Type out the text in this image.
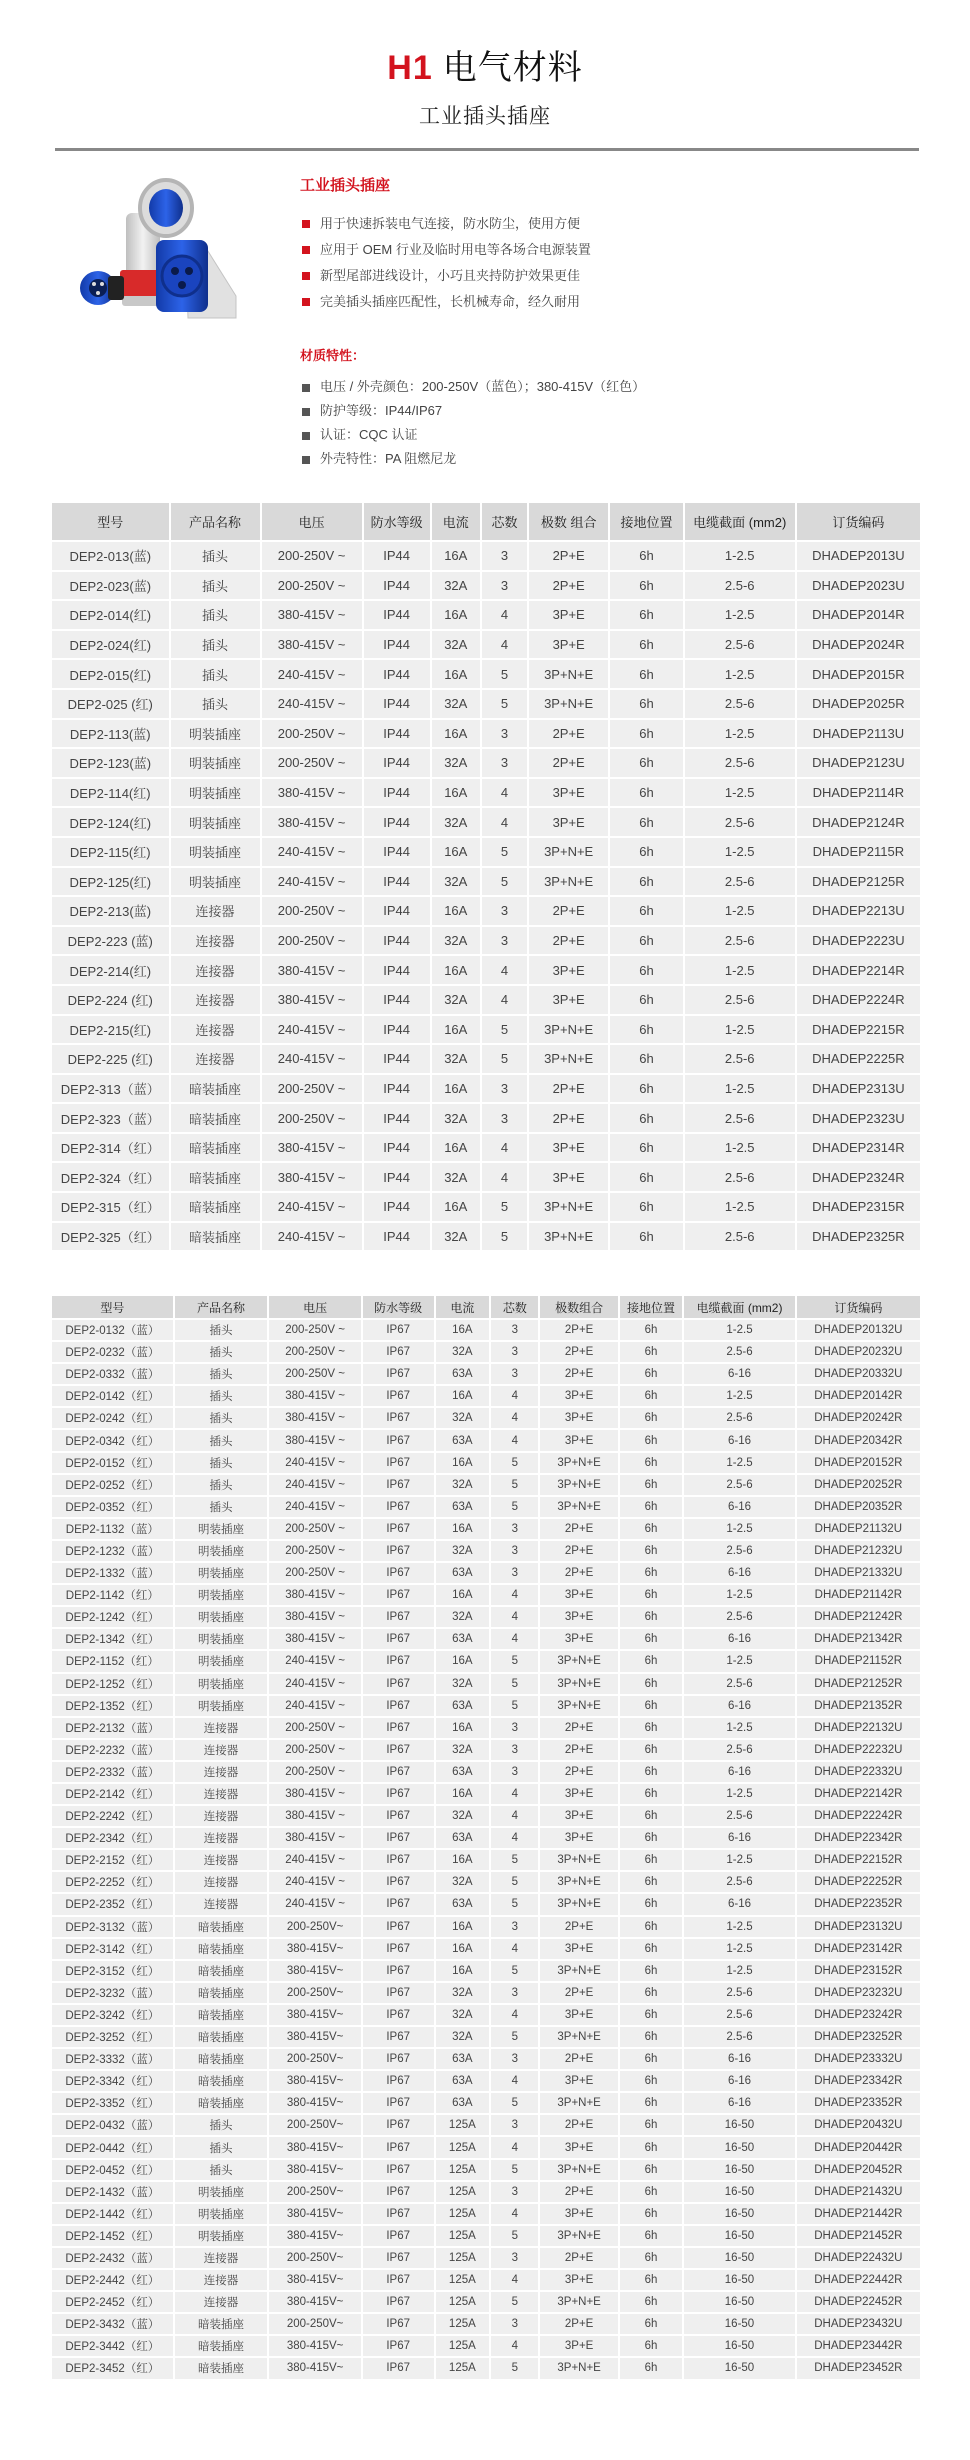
H1 电气材料
工业插头插座
工业插头插座
用于快速拆装电气连接，防水防尘，使用方便
应用于 OEM 行业及临时用电等各场合电源装置
新型尾部进线设计，小巧且夹持防护效果更佳
完美插头插座匹配性，长机械寿命，经久耐用
材质特性：
电压 / 外壳颜色：200-250V（蓝色）；380-415V（红色）
防护等级：IP44/IP67
认证：CQC 认证
外壳特性：PA 阻燃尼龙
型号	产品名称	电压	防水等级	电流	芯数	极数 组合	接地位置	电缆截面 (mm2)	订货编码
DEP2-013(蓝)	插头	200-250V ~	IP44	16A	3	2P+E	6h	1-2.5	DHADEP2013U
DEP2-023(蓝)	插头	200-250V ~	IP44	32A	3	2P+E	6h	2.5-6	DHADEP2023U
DEP2-014(红)	插头	380-415V ~	IP44	16A	4	3P+E	6h	1-2.5	DHADEP2014R
DEP2-024(红)	插头	380-415V ~	IP44	32A	4	3P+E	6h	2.5-6	DHADEP2024R
DEP2-015(红)	插头	240-415V ~	IP44	16A	5	3P+N+E	6h	1-2.5	DHADEP2015R
DEP2-025 (红)	插头	240-415V ~	IP44	32A	5	3P+N+E	6h	2.5-6	DHADEP2025R
DEP2-113(蓝)	明装插座	200-250V ~	IP44	16A	3	2P+E	6h	1-2.5	DHADEP2113U
DEP2-123(蓝)	明装插座	200-250V ~	IP44	32A	3	2P+E	6h	2.5-6	DHADEP2123U
DEP2-114(红)	明装插座	380-415V ~	IP44	16A	4	3P+E	6h	1-2.5	DHADEP2114R
DEP2-124(红)	明装插座	380-415V ~	IP44	32A	4	3P+E	6h	2.5-6	DHADEP2124R
DEP2-115(红)	明装插座	240-415V ~	IP44	16A	5	3P+N+E	6h	1-2.5	DHADEP2115R
DEP2-125(红)	明装插座	240-415V ~	IP44	32A	5	3P+N+E	6h	2.5-6	DHADEP2125R
DEP2-213(蓝)	连接器	200-250V ~	IP44	16A	3	2P+E	6h	1-2.5	DHADEP2213U
DEP2-223 (蓝)	连接器	200-250V ~	IP44	32A	3	2P+E	6h	2.5-6	DHADEP2223U
DEP2-214(红)	连接器	380-415V ~	IP44	16A	4	3P+E	6h	1-2.5	DHADEP2214R
DEP2-224 (红)	连接器	380-415V ~	IP44	32A	4	3P+E	6h	2.5-6	DHADEP2224R
DEP2-215(红)	连接器	240-415V ~	IP44	16A	5	3P+N+E	6h	1-2.5	DHADEP2215R
DEP2-225 (红)	连接器	240-415V ~	IP44	32A	5	3P+N+E	6h	2.5-6	DHADEP2225R
DEP2-313（蓝）	暗装插座	200-250V ~	IP44	16A	3	2P+E	6h	1-2.5	DHADEP2313U
DEP2-323（蓝）	暗装插座	200-250V ~	IP44	32A	3	2P+E	6h	2.5-6	DHADEP2323U
DEP2-314（红）	暗装插座	380-415V ~	IP44	16A	4	3P+E	6h	1-2.5	DHADEP2314R
DEP2-324（红）	暗装插座	380-415V ~	IP44	32A	4	3P+E	6h	2.5-6	DHADEP2324R
DEP2-315（红）	暗装插座	240-415V ~	IP44	16A	5	3P+N+E	6h	1-2.5	DHADEP2315R
DEP2-325（红）	暗装插座	240-415V ~	IP44	32A	5	3P+N+E	6h	2.5-6	DHADEP2325R
型号	产品名称	电压	防水等级	电流	芯数	极数组合	接地位置	电缆截面 (mm2)	订货编码
DEP2-0132（蓝）	插头	200-250V ~	IP67	16A	3	2P+E	6h	1-2.5	DHADEP20132U
DEP2-0232（蓝）	插头	200-250V ~	IP67	32A	3	2P+E	6h	2.5-6	DHADEP20232U
DEP2-0332（蓝）	插头	200-250V ~	IP67	63A	3	2P+E	6h	6-16	DHADEP20332U
DEP2-0142（红）	插头	380-415V ~	IP67	16A	4	3P+E	6h	1-2.5	DHADEP20142R
DEP2-0242（红）	插头	380-415V ~	IP67	32A	4	3P+E	6h	2.5-6	DHADEP20242R
DEP2-0342（红）	插头	380-415V ~	IP67	63A	4	3P+E	6h	6-16	DHADEP20342R
DEP2-0152（红）	插头	240-415V ~	IP67	16A	5	3P+N+E	6h	1-2.5	DHADEP20152R
DEP2-0252（红）	插头	240-415V ~	IP67	32A	5	3P+N+E	6h	2.5-6	DHADEP20252R
DEP2-0352（红）	插头	240-415V ~	IP67	63A	5	3P+N+E	6h	6-16	DHADEP20352R
DEP2-1132（蓝）	明装插座	200-250V ~	IP67	16A	3	2P+E	6h	1-2.5	DHADEP21132U
DEP2-1232（蓝）	明装插座	200-250V ~	IP67	32A	3	2P+E	6h	2.5-6	DHADEP21232U
DEP2-1332（蓝）	明装插座	200-250V ~	IP67	63A	3	2P+E	6h	6-16	DHADEP21332U
DEP2-1142（红）	明装插座	380-415V ~	IP67	16A	4	3P+E	6h	1-2.5	DHADEP21142R
DEP2-1242（红）	明装插座	380-415V ~	IP67	32A	4	3P+E	6h	2.5-6	DHADEP21242R
DEP2-1342（红）	明装插座	380-415V ~	IP67	63A	4	3P+E	6h	6-16	DHADEP21342R
DEP2-1152（红）	明装插座	240-415V ~	IP67	16A	5	3P+N+E	6h	1-2.5	DHADEP21152R
DEP2-1252（红）	明装插座	240-415V ~	IP67	32A	5	3P+N+E	6h	2.5-6	DHADEP21252R
DEP2-1352（红）	明装插座	240-415V ~	IP67	63A	5	3P+N+E	6h	6-16	DHADEP21352R
DEP2-2132（蓝）	连接器	200-250V ~	IP67	16A	3	2P+E	6h	1-2.5	DHADEP22132U
DEP2-2232（蓝）	连接器	200-250V ~	IP67	32A	3	2P+E	6h	2.5-6	DHADEP22232U
DEP2-2332（蓝）	连接器	200-250V ~	IP67	63A	3	2P+E	6h	6-16	DHADEP22332U
DEP2-2142（红）	连接器	380-415V ~	IP67	16A	4	3P+E	6h	1-2.5	DHADEP22142R
DEP2-2242（红）	连接器	380-415V ~	IP67	32A	4	3P+E	6h	2.5-6	DHADEP22242R
DEP2-2342（红）	连接器	380-415V ~	IP67	63A	4	3P+E	6h	6-16	DHADEP22342R
DEP2-2152（红）	连接器	240-415V ~	IP67	16A	5	3P+N+E	6h	1-2.5	DHADEP22152R
DEP2-2252（红）	连接器	240-415V ~	IP67	32A	5	3P+N+E	6h	2.5-6	DHADEP22252R
DEP2-2352（红）	连接器	240-415V ~	IP67	63A	5	3P+N+E	6h	6-16	DHADEP22352R
DEP2-3132（蓝）	暗装插座	200-250V~	IP67	16A	3	2P+E	6h	1-2.5	DHADEP23132U
DEP2-3142（红）	暗装插座	380-415V~	IP67	16A	4	3P+E	6h	1-2.5	DHADEP23142R
DEP2-3152（红）	暗装插座	380-415V~	IP67	16A	5	3P+N+E	6h	1-2.5	DHADEP23152R
DEP2-3232（蓝）	暗装插座	200-250V~	IP67	32A	3	2P+E	6h	2.5-6	DHADEP23232U
DEP2-3242（红）	暗装插座	380-415V~	IP67	32A	4	3P+E	6h	2.5-6	DHADEP23242R
DEP2-3252（红）	暗装插座	380-415V~	IP67	32A	5	3P+N+E	6h	2.5-6	DHADEP23252R
DEP2-3332（蓝）	暗装插座	200-250V~	IP67	63A	3	2P+E	6h	6-16	DHADEP23332U
DEP2-3342（红）	暗装插座	380-415V~	IP67	63A	4	3P+E	6h	6-16	DHADEP23342R
DEP2-3352（红）	暗装插座	380-415V~	IP67	63A	5	3P+N+E	6h	6-16	DHADEP23352R
DEP2-0432（蓝）	插头	200-250V~	IP67	125A	3	2P+E	6h	16-50	DHADEP20432U
DEP2-0442（红）	插头	380-415V~	IP67	125A	4	3P+E	6h	16-50	DHADEP20442R
DEP2-0452（红）	插头	380-415V~	IP67	125A	5	3P+N+E	6h	16-50	DHADEP20452R
DEP2-1432（蓝）	明装插座	200-250V~	IP67	125A	3	2P+E	6h	16-50	DHADEP21432U
DEP2-1442（红）	明装插座	380-415V~	IP67	125A	4	3P+E	6h	16-50	DHADEP21442R
DEP2-1452（红）	明装插座	380-415V~	IP67	125A	5	3P+N+E	6h	16-50	DHADEP21452R
DEP2-2432（蓝）	连接器	200-250V~	IP67	125A	3	2P+E	6h	16-50	DHADEP22432U
DEP2-2442（红）	连接器	380-415V~	IP67	125A	4	3P+E	6h	16-50	DHADEP22442R
DEP2-2452（红）	连接器	380-415V~	IP67	125A	5	3P+N+E	6h	16-50	DHADEP22452R
DEP2-3432（蓝）	暗装插座	200-250V~	IP67	125A	3	2P+E	6h	16-50	DHADEP23432U
DEP2-3442（红）	暗装插座	380-415V~	IP67	125A	4	3P+E	6h	16-50	DHADEP23442R
DEP2-3452（红）	暗装插座	380-415V~	IP67	125A	5	3P+N+E	6h	16-50	DHADEP23452R
